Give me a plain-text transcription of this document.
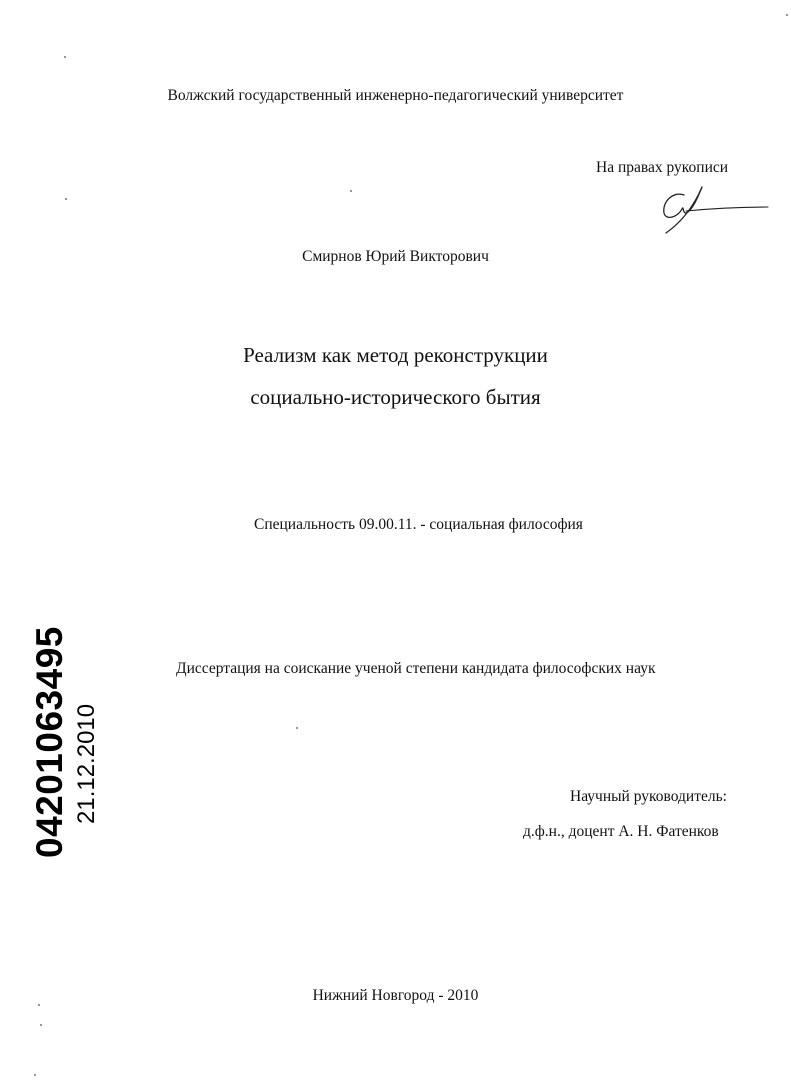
Волжский государственный инженерно-педагогический университет
На правах рукописи
Смирнов Юрий Викторович
Реализм как метод реконструкции
социально-исторического бытия
Специальность 09.00.11. - социальная философия
Диссертация на соискание ученой степени кандидата философских наук
Научный руководитель:
д.ф.н., доцент А. Н. Фатенков
Нижний Новгород - 2010
04201063495 21.12.2010
